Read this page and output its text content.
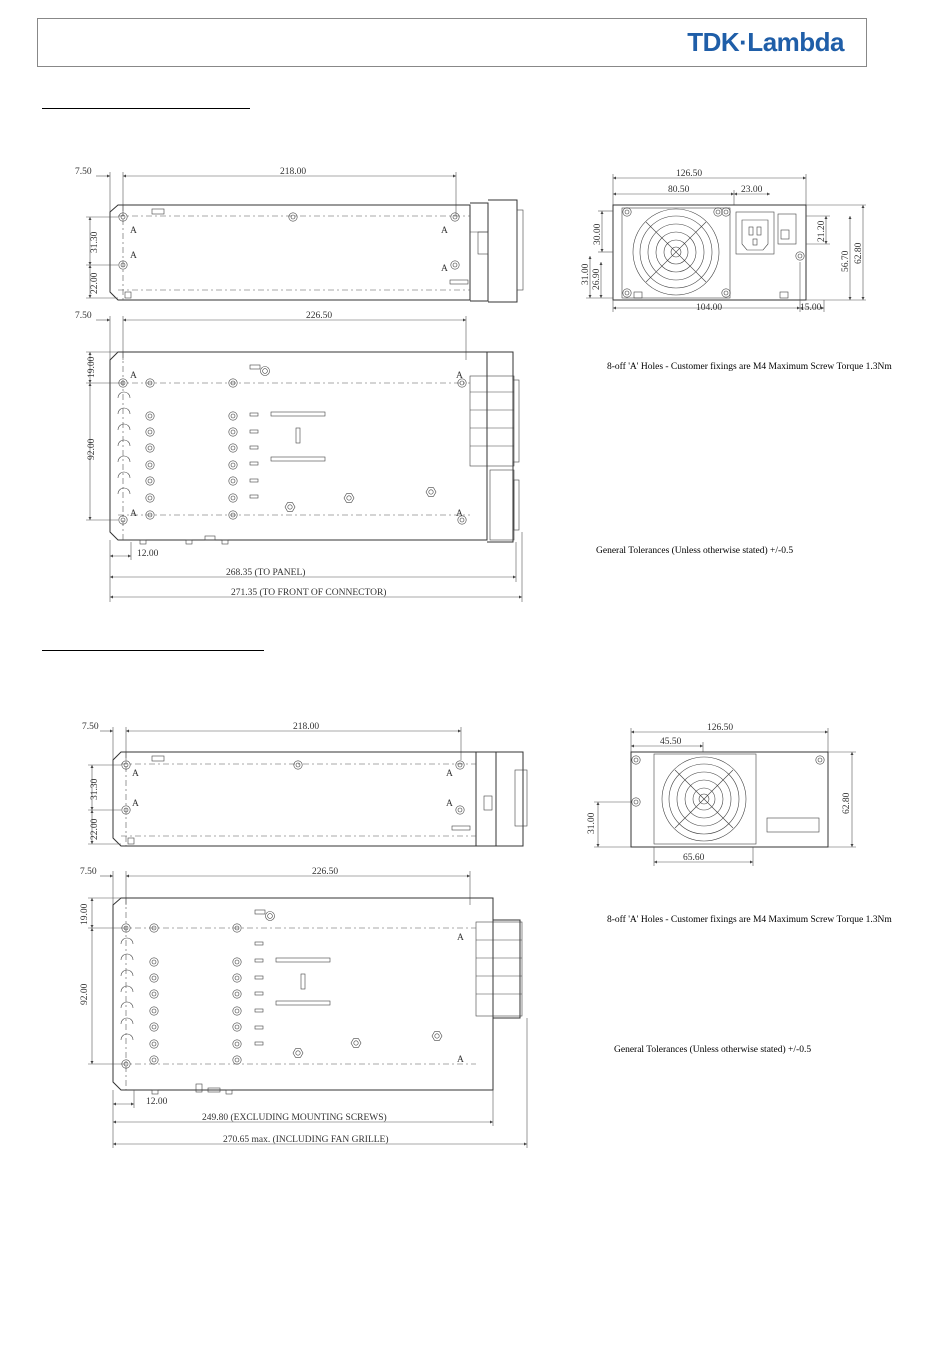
TDK·Lambda
8-off 'A' Holes - Customer fixings are M4 Maximum Screw Torque 1.3Nm
General Tolerances (Unless otherwise stated) +/-0.5
8-off 'A' Holes - Customer fixings are M4 Maximum Screw Torque 1.3Nm
General Tolerances (Unless otherwise stated) +/-0.5
7.50	218.00
A
A
A
A
31.30
22.00
7.50	226.50
A
A
A
A
19.00
92.00
12.00
268.35 (TO PANEL)
271.35 (TO FRONT OF CONNECTOR)
126.50
80.50	23.00
30.00
31.00 26.90
21.20
56.70 62.80
104.00	15.00
7.50	218.00
A
A
A
A
31.30
22.00
7.50	226.50
A
A
19.00
92.00
12.00
249.80 (EXCLUDING MOUNTING SCREWS)
270.65 max. (INCLUDING FAN GRILLE)
126.50
45.50
31.00
62.80
65.60
